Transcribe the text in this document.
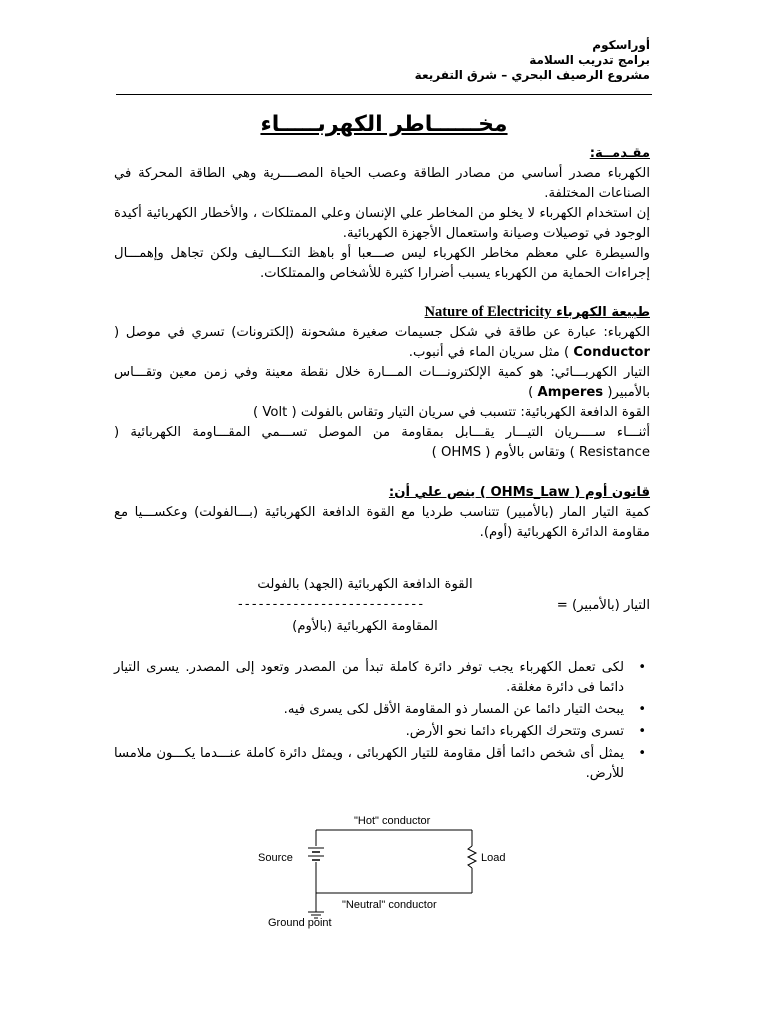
أوراسكوم
برامج تدريب السلامة
مشروع الرصيف البحري – شرق التفريعة
مخــــــاطر الكهربـــــاء

مقـدمــة:

الكهرباء مصدر أساسي من مصادر الطاقة وعصب الحياة المصــــرية وهي الطاقة المحركة في الصناعات المختلفة.

إن استخدام الكهرباء لا يخلو من المخاطر علي الإنسان وعلي الممتلكات ، والأخطار الكهربائية أكيدة الوجود في توصيلات وصيانة واستعمال الأجهزة الكهربائية.

والسيطرة علي معظم مخاطر الكهرباء ليس صـــعبا أو باهظ التكـــاليف ولكن تجاهل وإهمـــال إجراءات الحماية من الكهرباء يسبب أضرارا كثيرة للأشخاص والممتلكات.

طبيعة الكهرباء Nature of Electricity

الكهرباء: عبارة عن طاقة في شكل جسيمات صغيرة مشحونة (إلكترونات) تسري في موصل ( Conductor ) مثل سريان الماء في أنبوب.

التيار الكهربـــائي: هو كمية الإلكترونـــات المـــارة خلال نقطة معينة وفي زمن معين وتقـــاس بالأمبير( Amperes )

القوة الدافعة الكهربائية: تتسبب في سريان التيار وتقاس بالفولت ( Volt )

أثنـــاء ســــريان التيـــار يقـــابل بمقاومة من الموصل تســـمي المقـــاومة الكهربائية ( Resistance ) وتقاس بالأوم ( OHMS )

قانون أوم ( OHMs_Law ) ينص علي أن:

كمية التيار المار (بالأمبير) تتناسب طرديا مع القوة الدافعة الكهربائية (بـــالفولت) وعكســـيا مع مقاومة الدائرة الكهربائية (أوم).

القوة الدافعة الكهربائية (الجهد) بالفولت
---------------------------
المقاومة الكهربائية (بالأوم)
التيار (بالأمبير) =
•
لكى تعمل الكهرباء يجب توفر دائرة كاملة تبدأ من المصدر وتعود إلى المصدر. يسرى التيار دائما فى دائرة مغلقة.
•
يبحث التيار دائما عن المسار ذو المقاومة الأقل لكى يسرى فيه.
•
تسرى وتتحرك الكهرباء دائما نحو الأرض.
•
يمثل أى شخص دائما أقل مقاومة للتيار الكهربائى ، ويمثل دائرة كاملة عنـــدما يكـــون ملامسا للأرض.
"Hot" conductor
"Neutral" conductor
Source	Load
Ground point
